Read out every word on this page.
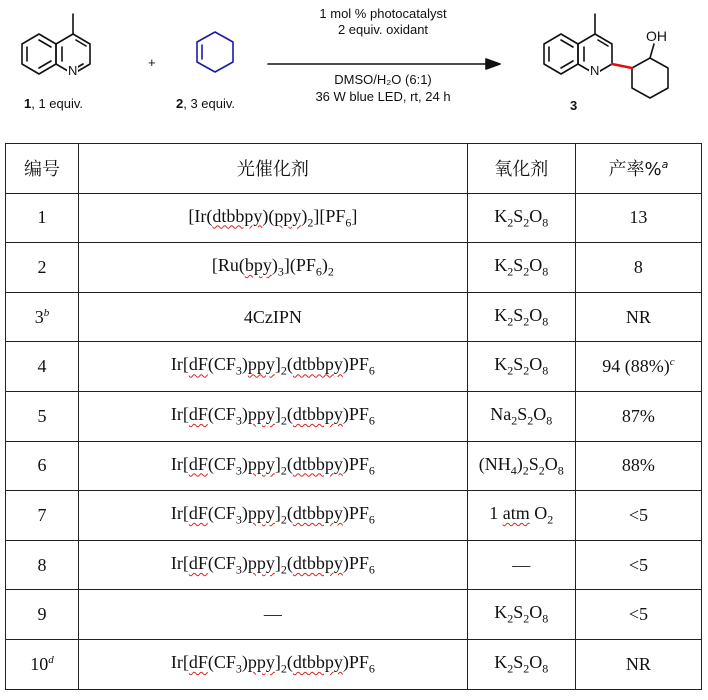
N
1, 1 equiv.
+
2, 3 equiv.
1 mol % photocatalyst
2 equiv. oxidant
DMSO/H₂O (6:1)
36 W blue LED, rt, 24 h
N
OH
3
编号	光催化剂	氧化剂	产率%$^a$
1	$[Ir(dtbbpy)(ppy)_2][PF_6]$	$K_2S_2O_8$	13
2	$[Ru(bpy)_3](PF_6)_2$	$K_2S_2O_8$	8
3$^b$	4CzIPN	$K_2S_2O_8$	NR
4	$Ir[dF(CF_3)ppy]_2(dtbbpy)PF_6$	$K_2S_2O_8$	94 (88%)$^c$
5	$Ir[dF(CF_3)ppy]_2(dtbbpy)PF_6$	$Na_2S_2O_8$	87%
6	$Ir[dF(CF_3)ppy]_2(dtbbpy)PF_6$	$(NH_4)_2S_2O_8$	88%
7	$Ir[dF(CF_3)ppy]_2(dtbbpy)PF_6$	1 atm $O_2$	<5
8	$Ir[dF(CF_3)ppy]_2(dtbbpy)PF_6$	—	<5
9	—	$K_2S_2O_8$	<5
10$^d$	$Ir[dF(CF_3)ppy]_2(dtbbpy)PF_6$	$K_2S_2O_8$	NR
